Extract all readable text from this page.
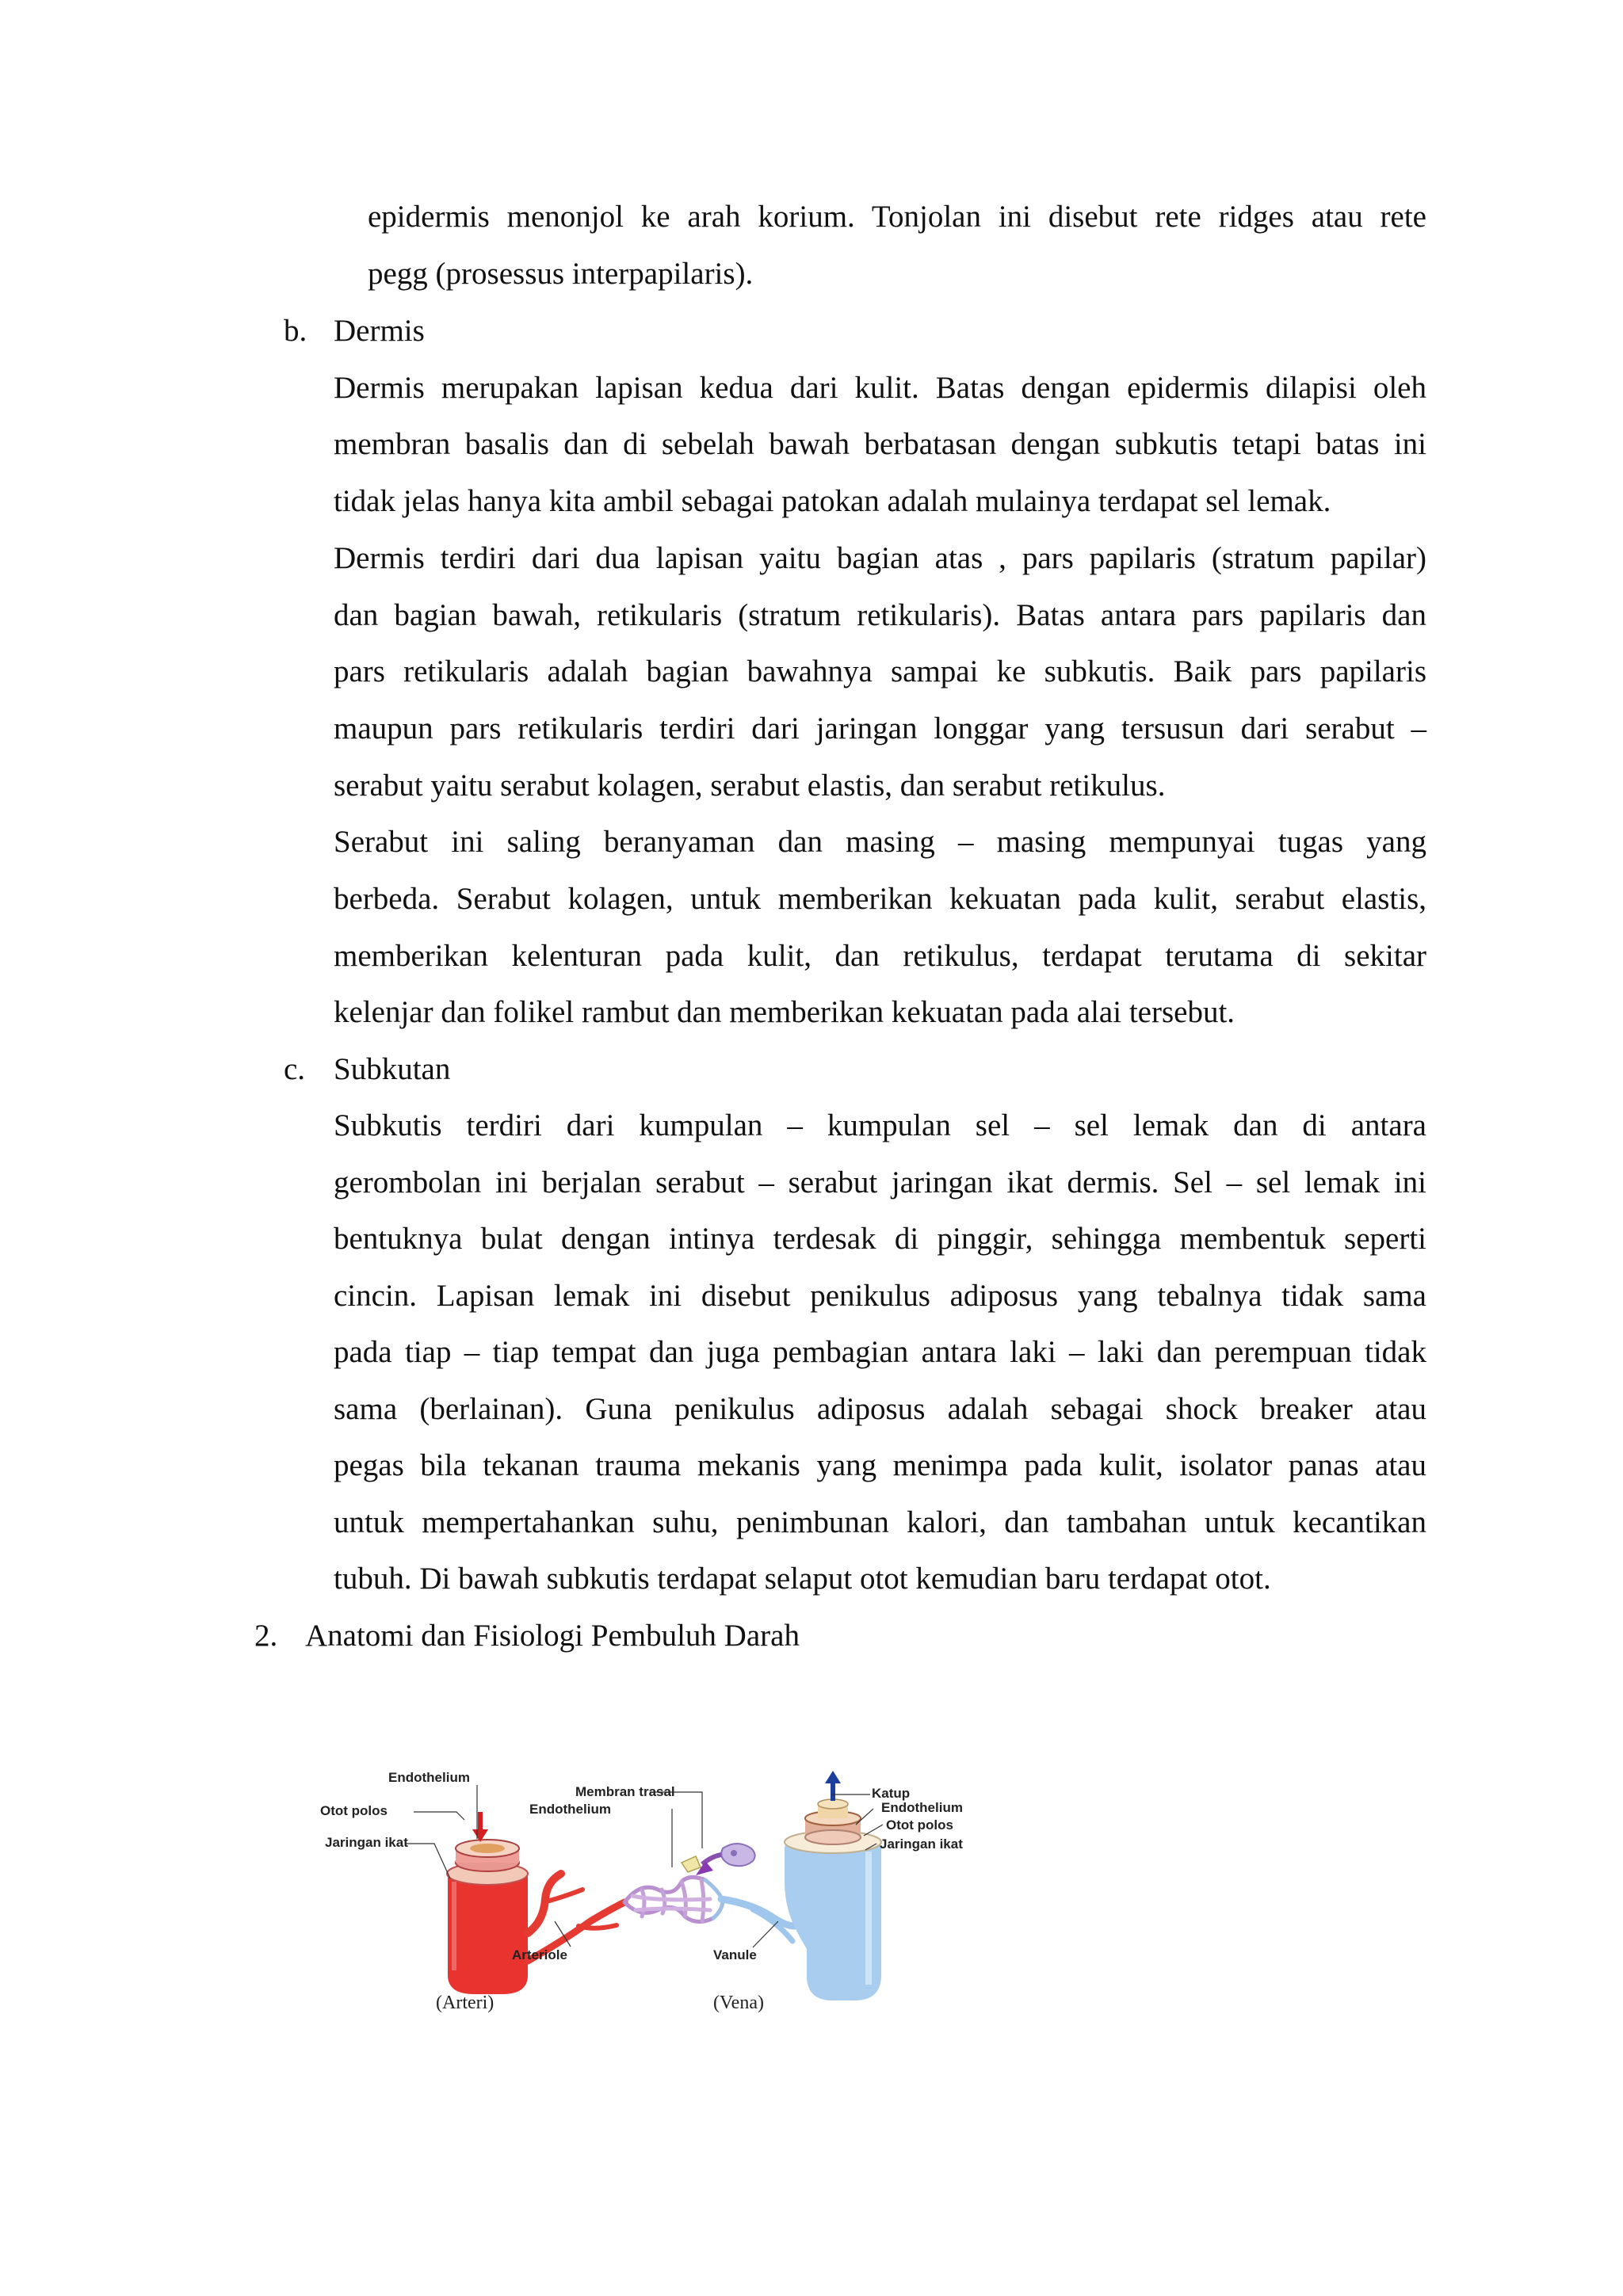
epidermis menonjol ke arah korium. Tonjolan ini disebut rete ridges atau rete
pegg (prosessus interpapilaris).
b. Dermis
Dermis merupakan lapisan kedua dari kulit. Batas dengan epidermis dilapisi oleh
membran basalis dan di sebelah bawah berbatasan dengan subkutis tetapi batas ini
tidak jelas hanya kita ambil sebagai patokan adalah mulainya terdapat sel lemak.
Dermis terdiri dari dua lapisan yaitu bagian atas , pars papilaris (stratum papilar)
dan bagian bawah, retikularis (stratum retikularis). Batas antara pars papilaris dan
pars retikularis adalah bagian bawahnya sampai ke subkutis. Baik pars papilaris
maupun pars retikularis terdiri dari jaringan longgar yang tersusun dari serabut –
serabut yaitu serabut kolagen, serabut elastis, dan serabut retikulus.
Serabut ini saling beranyaman dan masing – masing mempunyai tugas yang
berbeda. Serabut kolagen, untuk memberikan kekuatan pada kulit, serabut elastis,
memberikan kelenturan pada kulit, dan retikulus, terdapat terutama di sekitar
kelenjar dan folikel rambut dan memberikan kekuatan pada alai tersebut.
c. Subkutan
Subkutis terdiri dari kumpulan – kumpulan sel – sel lemak dan di antara
gerombolan ini berjalan serabut – serabut jaringan ikat dermis. Sel – sel lemak ini
bentuknya bulat dengan intinya terdesak di pinggir, sehingga membentuk seperti
cincin. Lapisan lemak ini disebut penikulus adiposus yang tebalnya tidak sama
pada tiap – tiap tempat dan juga pembagian antara laki – laki dan perempuan tidak
sama (berlainan). Guna penikulus adiposus adalah sebagai shock breaker atau
pegas bila tekanan trauma mekanis yang menimpa pada kulit, isolator panas atau
untuk mempertahankan suhu, penimbunan kalori, dan tambahan untuk kecantikan
tubuh. Di bawah subkutis terdapat selaput otot kemudian baru terdapat otot.
2. Anatomi dan Fisiologi Pembuluh Darah
Endothelium
Otot polos
Jaringan ikat
Membran trasal
Endothelium
Arteriole	Vanule
Katup
Endothelium
Otot polos
Jaringan ikat
(Arteri)	(Vena)
